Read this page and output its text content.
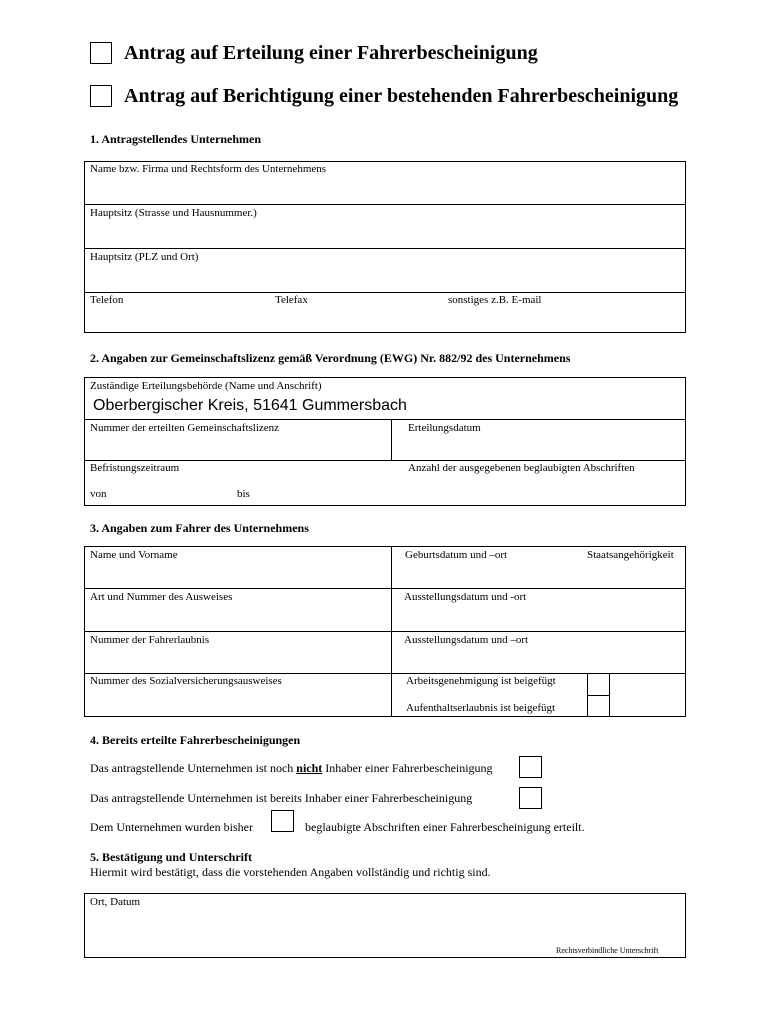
Antrag auf Erteilung einer Fahrerbescheinigung
Antrag auf Berichtigung einer bestehenden Fahrerbescheinigung
1. Antragstellendes Unternehmen
Name bzw. Firma und Rechtsform des Unternehmens
Hauptsitz (Strasse und Hausnummer.)
Hauptsitz (PLZ und Ort)
Telefon	Telefax	sonstiges z.B. E-mail
2. Angaben zur Gemeinschaftslizenz gemäß Verordnung (EWG) Nr. 882/92 des Unternehmens
Zuständige Erteilungsbehörde (Name und Anschrift)
Oberbergischer Kreis, 51641 Gummersbach
Nummer der erteilten Gemeinschaftslizenz	Erteilungsdatum
Befristungszeitraum	Anzahl der ausgegebenen beglaubigten Abschriften
von	bis
3. Angaben zum Fahrer des Unternehmens
Name und Vorname	Geburtsdatum und –ort	Staatsangehörigkeit
Art und Nummer des Ausweises	Ausstellungsdatum und -ort
Nummer der Fahrerlaubnis	Ausstellungsdatum und –ort
Nummer des Sozialversicherungsausweises	Arbeitsgenehmigung ist beigefügt
Aufenthaltserlaubnis ist beigefügt
4. Bereits erteilte Fahrerbescheinigungen
Das antragstellende Unternehmen ist noch nicht Inhaber einer Fahrerbescheinigung
Das antragstellende Unternehmen ist bereits Inhaber einer Fahrerbescheinigung
Dem Unternehmen wurden bisher	beglaubigte Abschriften einer Fahrerbescheinigung erteilt.
5. Bestätigung und Unterschrift
Hiermit wird bestätigt, dass die vorstehenden Angaben vollständig und richtig sind.
Ort, Datum
Rechtsverbindliche Unterschrift
